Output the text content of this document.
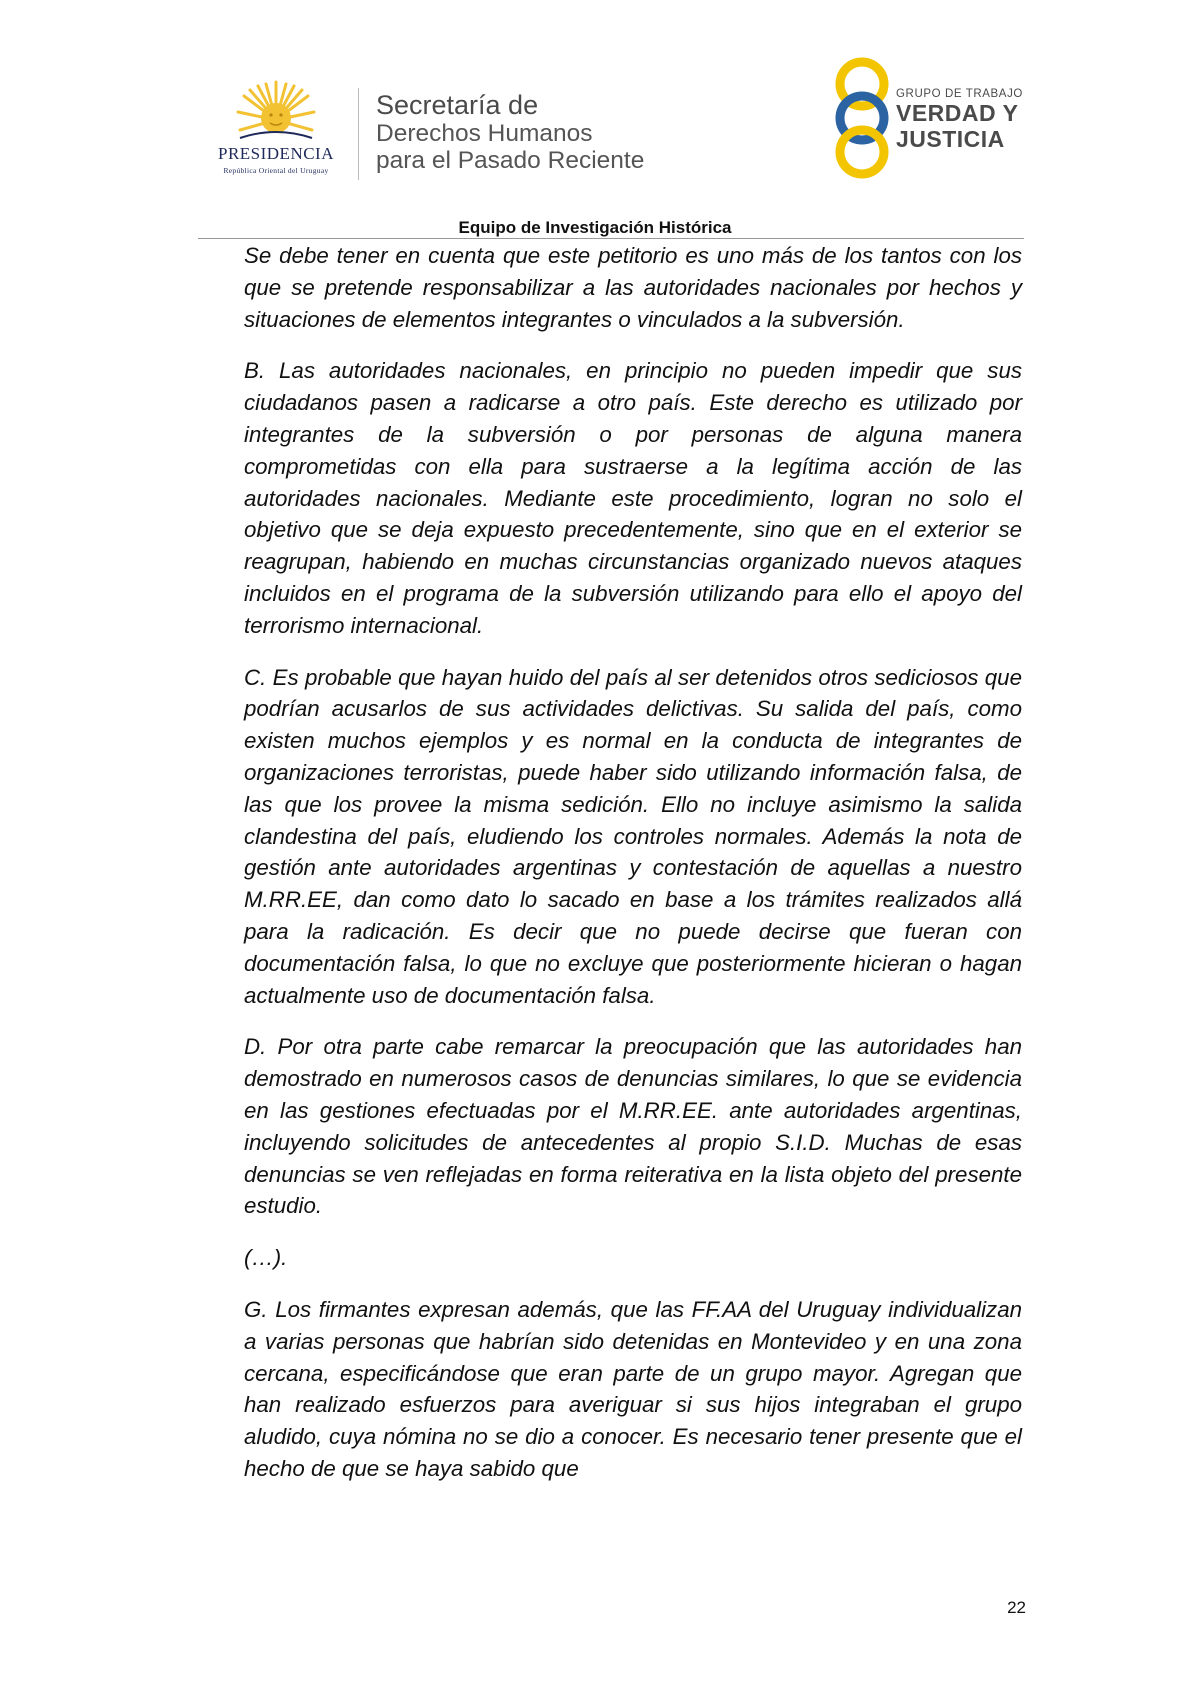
PRESIDENCIA
República Oriental del Uruguay
Secretaría de
Derechos Humanos
para el Pasado Reciente
GRUPO DE TRABAJO
VERDAD Y
JUSTICIA
Equipo de Investigación Histórica

Se debe tener en cuenta que este petitorio es uno más de los tantos con los que se pretende responsabilizar a las autoridades nacionales por hechos y situaciones de elementos integrantes o vinculados a la subversión.

B. Las autoridades nacionales, en principio no pueden impedir que sus ciudadanos pasen a radicarse a otro país. Este derecho es utilizado por integrantes de la subversión o por personas de alguna manera comprometidas con ella para sustraerse a la legítima acción de las autoridades nacionales. Mediante este procedimiento, logran no solo el objetivo que se deja expuesto precedentemente, sino que en el exterior se reagrupan, habiendo en muchas circunstancias organizado nuevos ataques incluidos en el programa de la subversión utilizando para ello el apoyo del terrorismo internacional.

C. Es probable que hayan huido del país al ser detenidos otros sediciosos que podrían acusarlos de sus actividades delictivas. Su salida del país, como existen muchos ejemplos y es normal en la conducta de integrantes de organizaciones terroristas, puede haber sido utilizando información falsa, de las que los provee la misma sedición. Ello no incluye asimismo la salida clandestina del país, eludiendo los controles normales. Además la nota de gestión ante autoridades argentinas y contestación de aquellas a nuestro M.RR.EE, dan como dato lo sacado en base a los trámites realizados allá para la radicación. Es decir que no puede decirse que fueran con documentación falsa, lo que no excluye que posteriormente hicieran o hagan actualmente uso de documentación falsa.

D. Por otra parte cabe remarcar la preocupación que las autoridades han demostrado en numerosos casos de denuncias similares, lo que se evidencia en las gestiones efectuadas por el M.RR.EE. ante autoridades argentinas, incluyendo solicitudes de antecedentes al propio S.I.D. Muchas de esas denuncias se ven reflejadas en forma reiterativa en la lista objeto del presente estudio.

(…).

G. Los firmantes expresan además, que las FF.AA del Uruguay individualizan a varias personas que habrían sido detenidas en Montevideo y en una zona cercana, especificándose que eran parte de un grupo mayor. Agregan que han realizado esfuerzos para averiguar si sus hijos integraban el grupo aludido, cuya nómina no se dio a conocer. Es necesario tener presente que el hecho de que se haya sabido que

22
